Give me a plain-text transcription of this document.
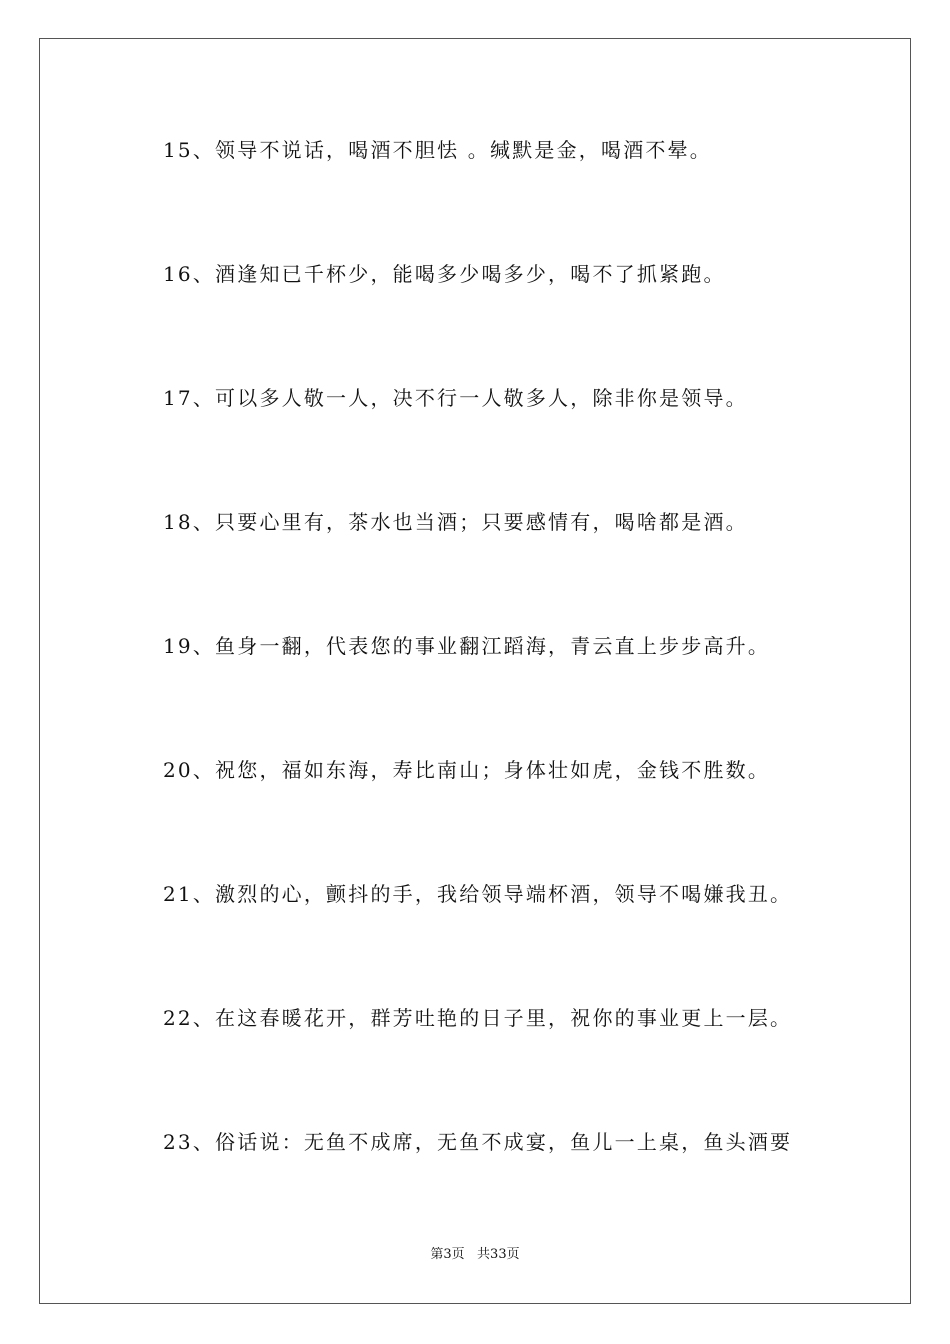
15、领导不说话，喝酒不胆怯 。缄默是金，喝酒不晕。
16、酒逢知已千杯少，能喝多少喝多少，喝不了抓紧跑。
17、可以多人敬一人，决不行一人敬多人，除非你是领导。
18、只要心里有，茶水也当酒；只要感情有，喝啥都是酒。
19、鱼身一翻，代表您的事业翻江蹈海，青云直上步步高升。
20、祝您，福如东海，寿比南山；身体壮如虎，金钱不胜数。
21、激烈的心，颤抖的手，我给领导端杯酒，领导不喝嫌我丑。
22、在这春暖花开，群芳吐艳的日子里，祝你的事业更上一层。
23、俗话说：无鱼不成席，无鱼不成宴，鱼儿一上桌，鱼头酒要
第3页   共33页
